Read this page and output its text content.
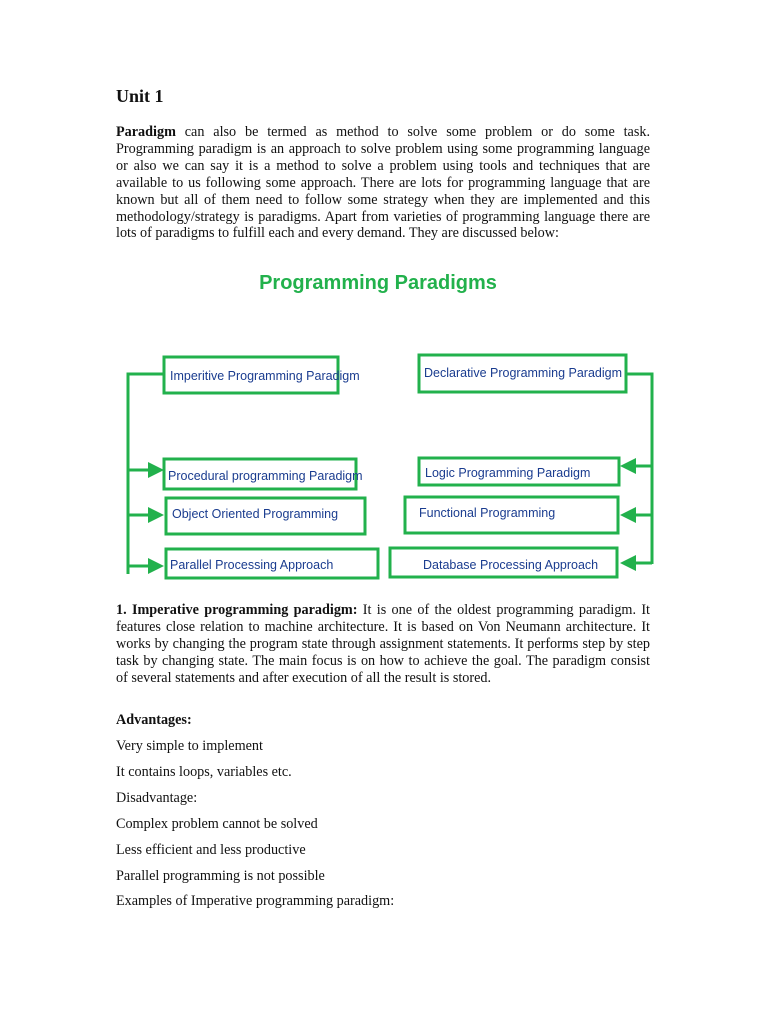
Unit 1

Paradigm can also be termed as method to solve some problem or do some task. Programming paradigm is an approach to solve problem using some programming language or also we can say it is a method to solve a problem using tools and techniques that are available to us following some approach. There are lots for programming language that are known but all of them need to follow some strategy when they are implemented and this methodology/strategy is paradigms. Apart from varieties of programming language there are lots of paradigms to fulfill each and every demand. They are discussed below:

Programming Paradigms
Imperitive Programming Paradigm	Declarative Programming Paradigm
Procedural programming Paradigm
Object Oriented Programming
Parallel Processing Approach
Logic Programming Paradigm
Functional Programming
Database Processing Approach

1. Imperative programming paradigm: It is one of the oldest programming paradigm. It features close relation to machine architecture. It is based on Von Neumann architecture. It works by changing the program state through assignment statements. It performs step by step task by changing state. The main focus is on how to achieve the goal. The paradigm consist of several statements and after execution of all the result is stored.

Advantages:

Very simple to implement

It contains loops, variables etc.

Disadvantage:

Complex problem cannot be solved

Less efficient and less productive

Parallel programming is not possible

Examples of Imperative programming paradigm:
